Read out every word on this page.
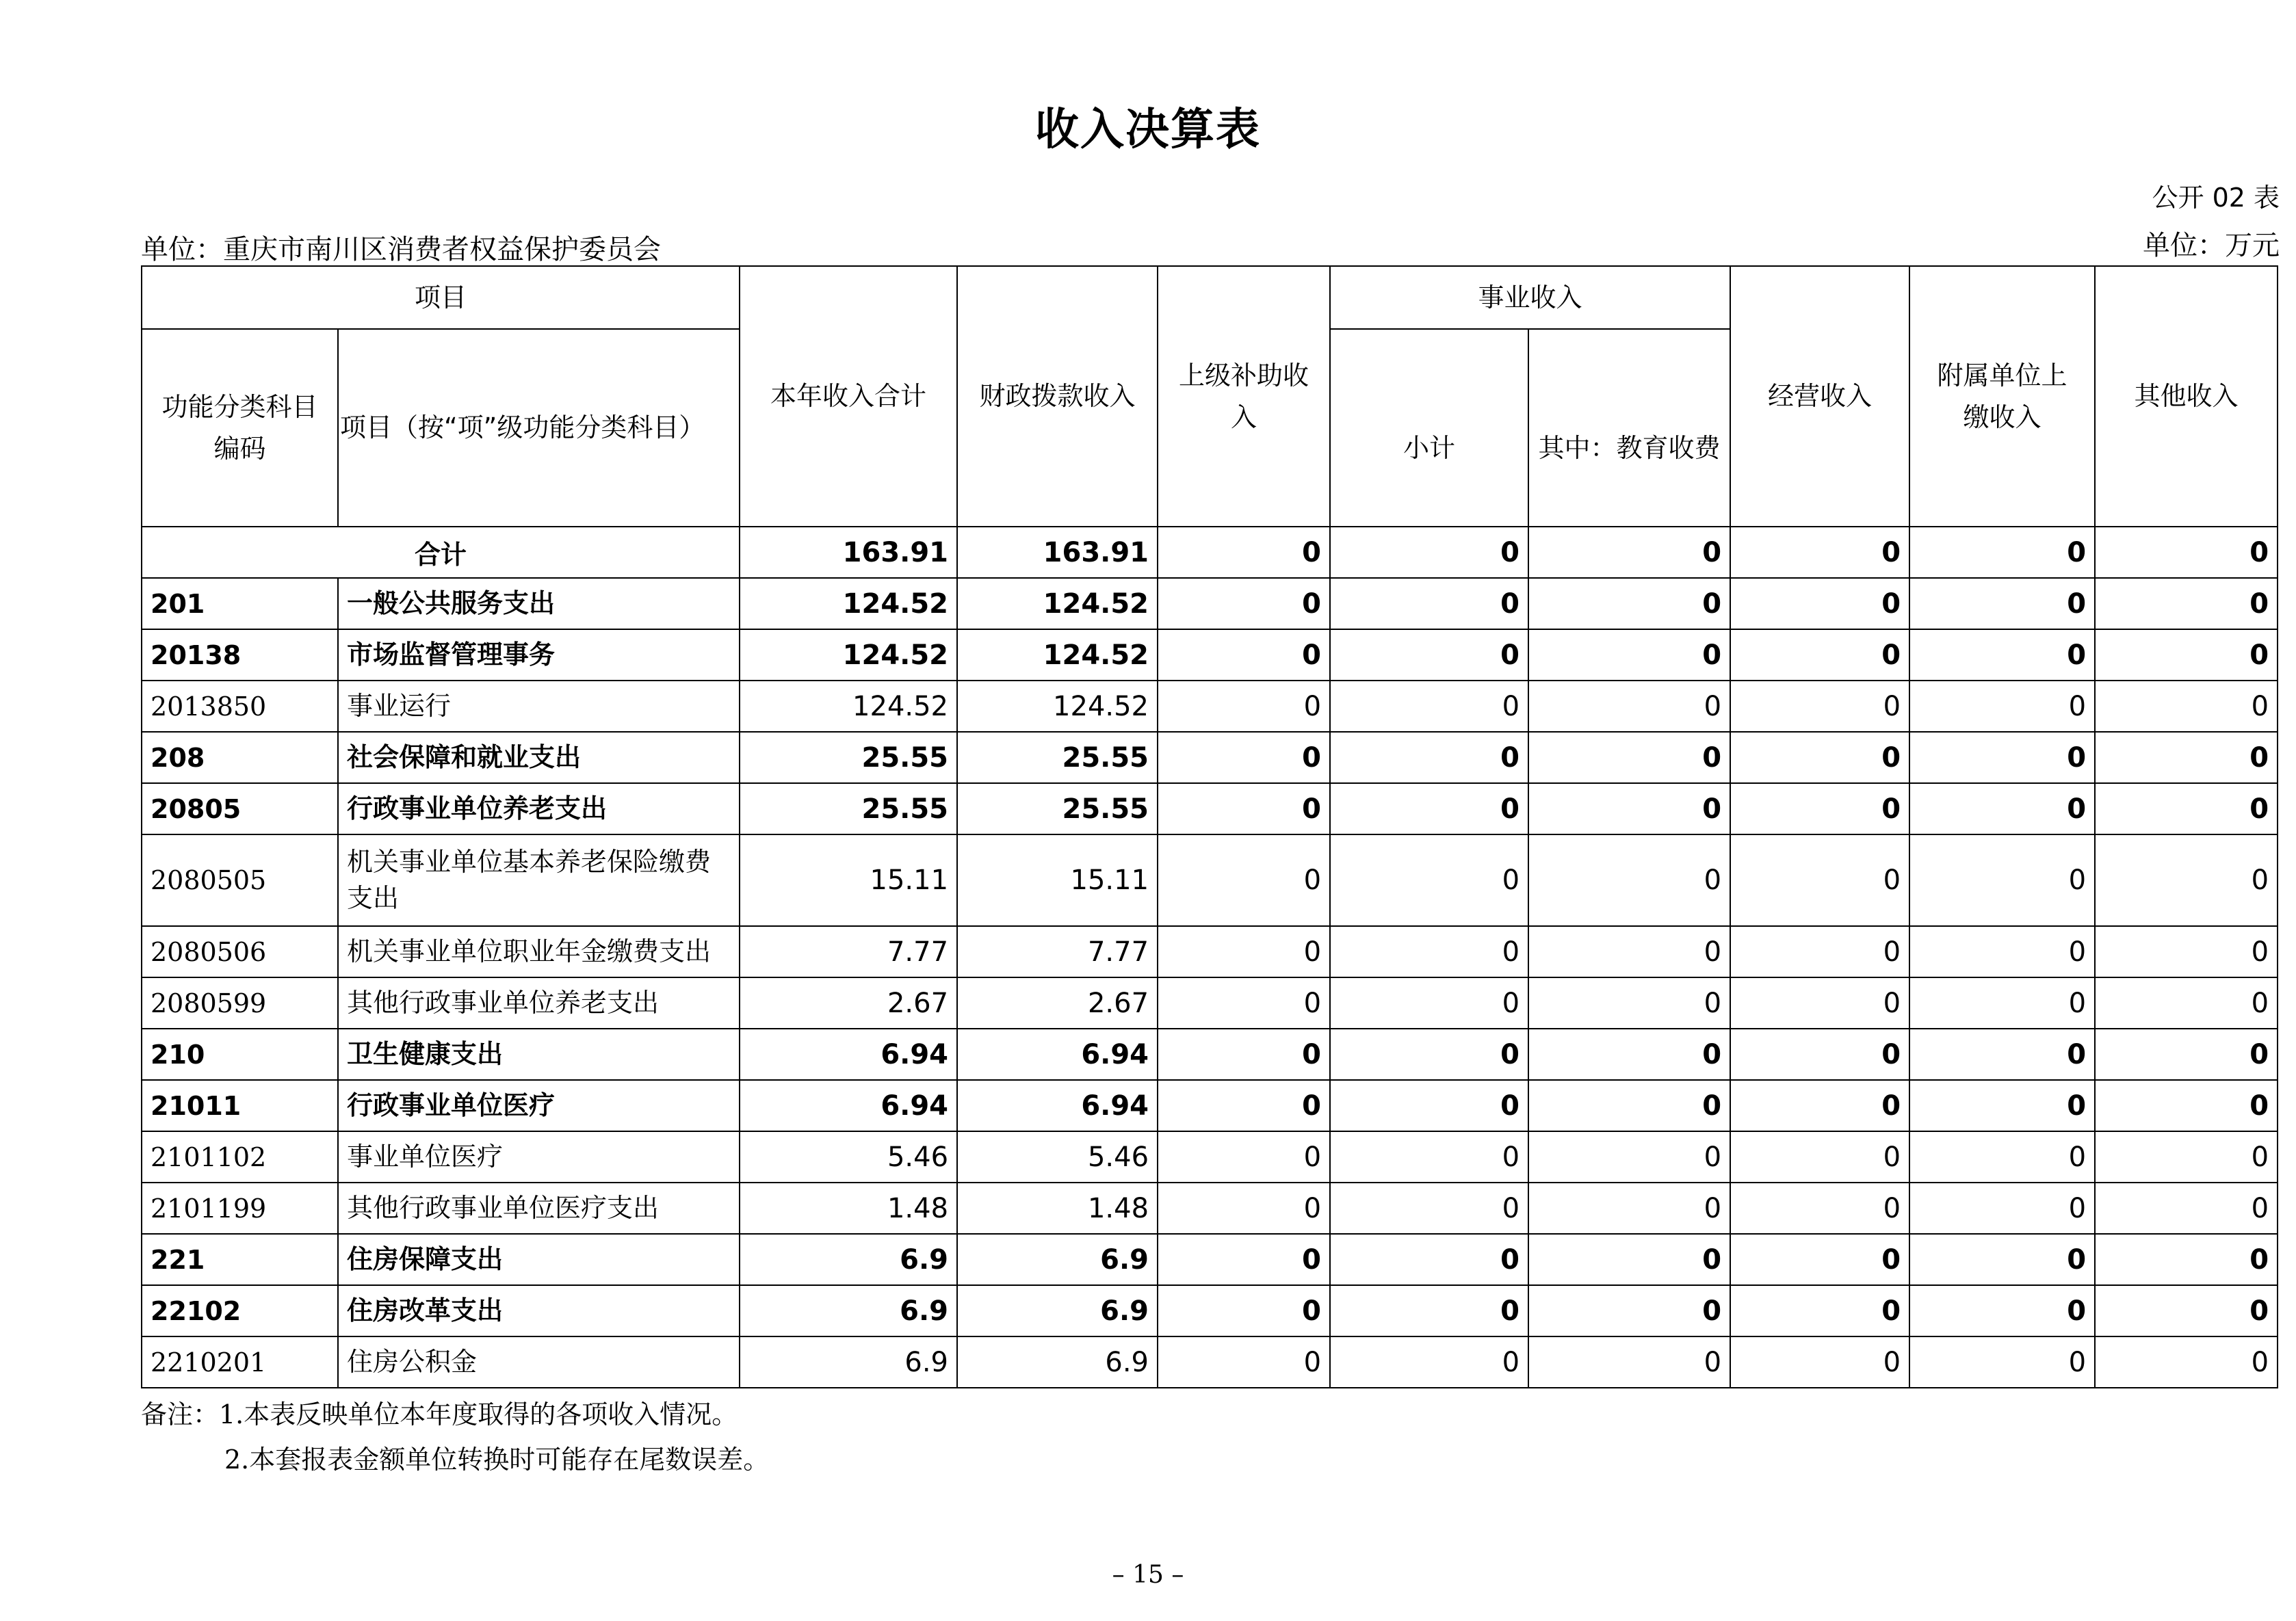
收入决算表
公开 02 表
单位：重庆市南川区消费者权益保护委员会	单位：万元
项目		本年收入合计	财政拨款收入	上级补助收入	事业收入		经营收入	附属单位上缴收入	其他收入
功能分类科目编码	项目（按“项”级功能分类科目）				小计	其中：教育收费			
合计		163.91	163.91	0	0	0	0	0	0
201	一般公共服务支出	124.52	124.52	0	0	0	0	0	0
20138	市场监督管理事务	124.52	124.52	0	0	0	0	0	0
2013850	事业运行	124.52	124.52	0	0	0	0	0	0
208	社会保障和就业支出	25.55	25.55	0	0	0	0	0	0
20805	行政事业单位养老支出	25.55	25.55	0	0	0	0	0	0
2080505	机关事业单位基本养老保险缴费支出	15.11	15.11	0	0	0	0	0	0
2080506	机关事业单位职业年金缴费支出	7.77	7.77	0	0	0	0	0	0
2080599	其他行政事业单位养老支出	2.67	2.67	0	0	0	0	0	0
210	卫生健康支出	6.94	6.94	0	0	0	0	0	0
21011	行政事业单位医疗	6.94	6.94	0	0	0	0	0	0
2101102	事业单位医疗	5.46	5.46	0	0	0	0	0	0
2101199	其他行政事业单位医疗支出	1.48	1.48	0	0	0	0	0	0
221	住房保障支出	6.9	6.9	0	0	0	0	0	0
22102	住房改革支出	6.9	6.9	0	0	0	0	0	0
2210201	住房公积金	6.9	6.9	0	0	0	0	0	0
备注：1.本表反映单位本年度取得的各项收入情况。
2.本套报表金额单位转换时可能存在尾数误差。
– 15 –
